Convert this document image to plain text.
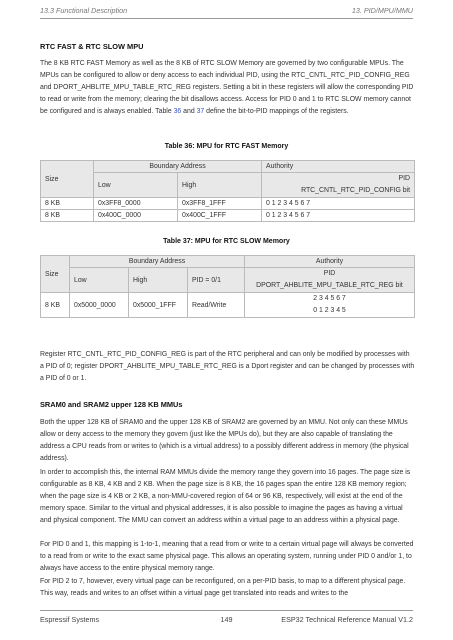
13.3 Functional Description	13. PID/MPU/MMU
RTC FAST & RTC SLOW MPU

The 8 KB RTC FAST Memory as well as the 8 KB of RTC SLOW Memory are governed by two configurable MPUs. The MPUs can be configured to allow or deny access to each individual PID, using the RTC_CNTL_RTC_PID_CONFIG_REG and DPORT_AHBLITE_MPU_TABLE_RTC_REG registers. Setting a bit in these registers will allow the corresponding PID to read or write from the memory; clearing the bit disallows access. Access for PID 0 and 1 to RTC SLOW memory cannot be configured and is always enabled. Table 36 and 37 define the bit-to-PID mappings of the registers.

Table 36: MPU for RTC FAST Memory
Size	Boundary Address		Authority
	Low	High	PID
RTC_CNTL_RTC_PID_CONFIG bit

8 KB	0x3FF8_0000	0x3FF8_1FFF	0 1 2 3 4 5 6 7
8 KB	0x400C_0000	0x400C_1FFF	0 1 2 3 4 5 6 7
Table 37: MPU for RTC SLOW Memory
Size	Boundary Address			Authority
	Low	High	PID = 0/1	PID
DPORT_AHBLITE_MPU_TABLE_RTC_REG bit

8 KB	0x5000_0000	0x5000_1FFF	Read/Write	2 3 4 5 6 7
0 1 2 3 4 5

Register RTC_CNTL_RTC_PID_CONFIG_REG is part of the RTC peripheral and can only be modified by processes with a PID of 0; register DPORT_AHBLITE_MPU_TABLE_RTC_REG is a Dport register and can be changed by processes with a PID of 0 or 1.

SRAM0 and SRAM2 upper 128 KB MMUs

Both the upper 128 KB of SRAM0 and the upper 128 KB of SRAM2 are governed by an MMU. Not only can these MMUs allow or deny access to the memory they govern (just like the MPUs do), but they are also capable of translating the address a CPU reads from or writes to (which is a virtual address) to a possibly different address in memory (the physical address).

In order to accomplish this, the internal RAM MMUs divide the memory range they govern into 16 pages. The page size is configurable as 8 KB, 4 KB and 2 KB. When the page size is 8 KB, the 16 pages span the entire 128 KB memory region; when the page size is 4 KB or 2 KB, a non-MMU-covered region of 64 or 96 KB, respectively, will exist at the end of the memory space. Similar to the virtual and physical addresses, it is also possible to imagine the pages as having a virtual and physical component. The MMU can convert an address within a virtual page to an address within a physical page.

For PID 0 and 1, this mapping is 1-to-1, meaning that a read from or write to a certain virtual page will always be converted to a read from or write to the exact same physical page. This allows an operating system, running under PID 0 and/or 1, to always have access to the entire physical memory range.

For PID 2 to 7, however, every virtual page can be reconfigured, on a per-PID basis, to map to a different physical page. This way, reads and writes to an offset within a virtual page get translated into reads and writes to the

Espressif Systems	149	ESP32 Technical Reference Manual V1.2
